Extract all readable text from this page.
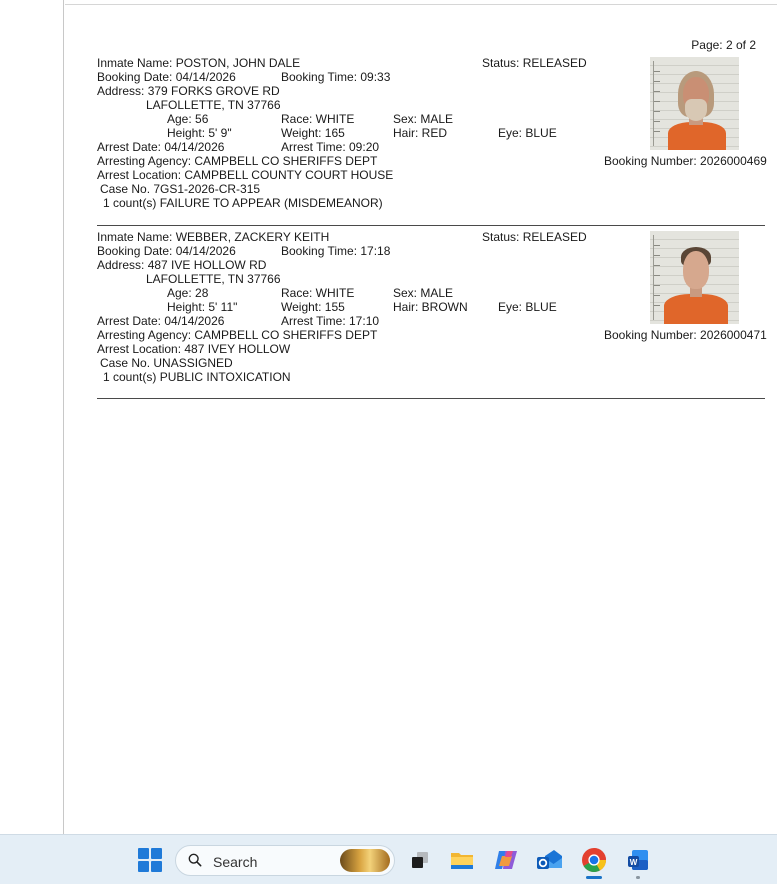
Page: 2 of 2
Inmate Name: POSTON, JOHN DALE	Status: RELEASED
Booking Date: 04/14/2026	Booking Time: 09:33
Address: 379 FORKS GROVE RD
LAFOLLETTE, TN 37766
Age: 56	Race: WHITE	Sex: MALE
Height: 5' 9"	Weight: 165	Hair: RED	Eye: BLUE
Arrest Date: 04/14/2026	Arrest Time: 09:20
Arresting Agency: CAMPBELL CO SHERIFFS DEPT	Booking Number: 2026000469
Arrest Location: CAMPBELL COUNTY COURT HOUSE
Case No. 7GS1-2026-CR-315
1 count(s) FAILURE TO APPEAR (MISDEMEANOR)
Inmate Name: WEBBER, ZACKERY KEITH	Status: RELEASED
Booking Date: 04/14/2026	Booking Time: 17:18
Address: 487 IVE HOLLOW RD
LAFOLLETTE, TN 37766
Age: 28	Race: WHITE	Sex: MALE
Height: 5' 11"	Weight: 155	Hair: BROWN	Eye: BLUE
Arrest Date: 04/14/2026	Arrest Time: 17:10
Arresting Agency: CAMPBELL CO SHERIFFS DEPT	Booking Number: 2026000471
Arrest Location: 487 IVEY HOLLOW
Case No. UNASSIGNED
1 count(s) PUBLIC INTOXICATION
Search	W
